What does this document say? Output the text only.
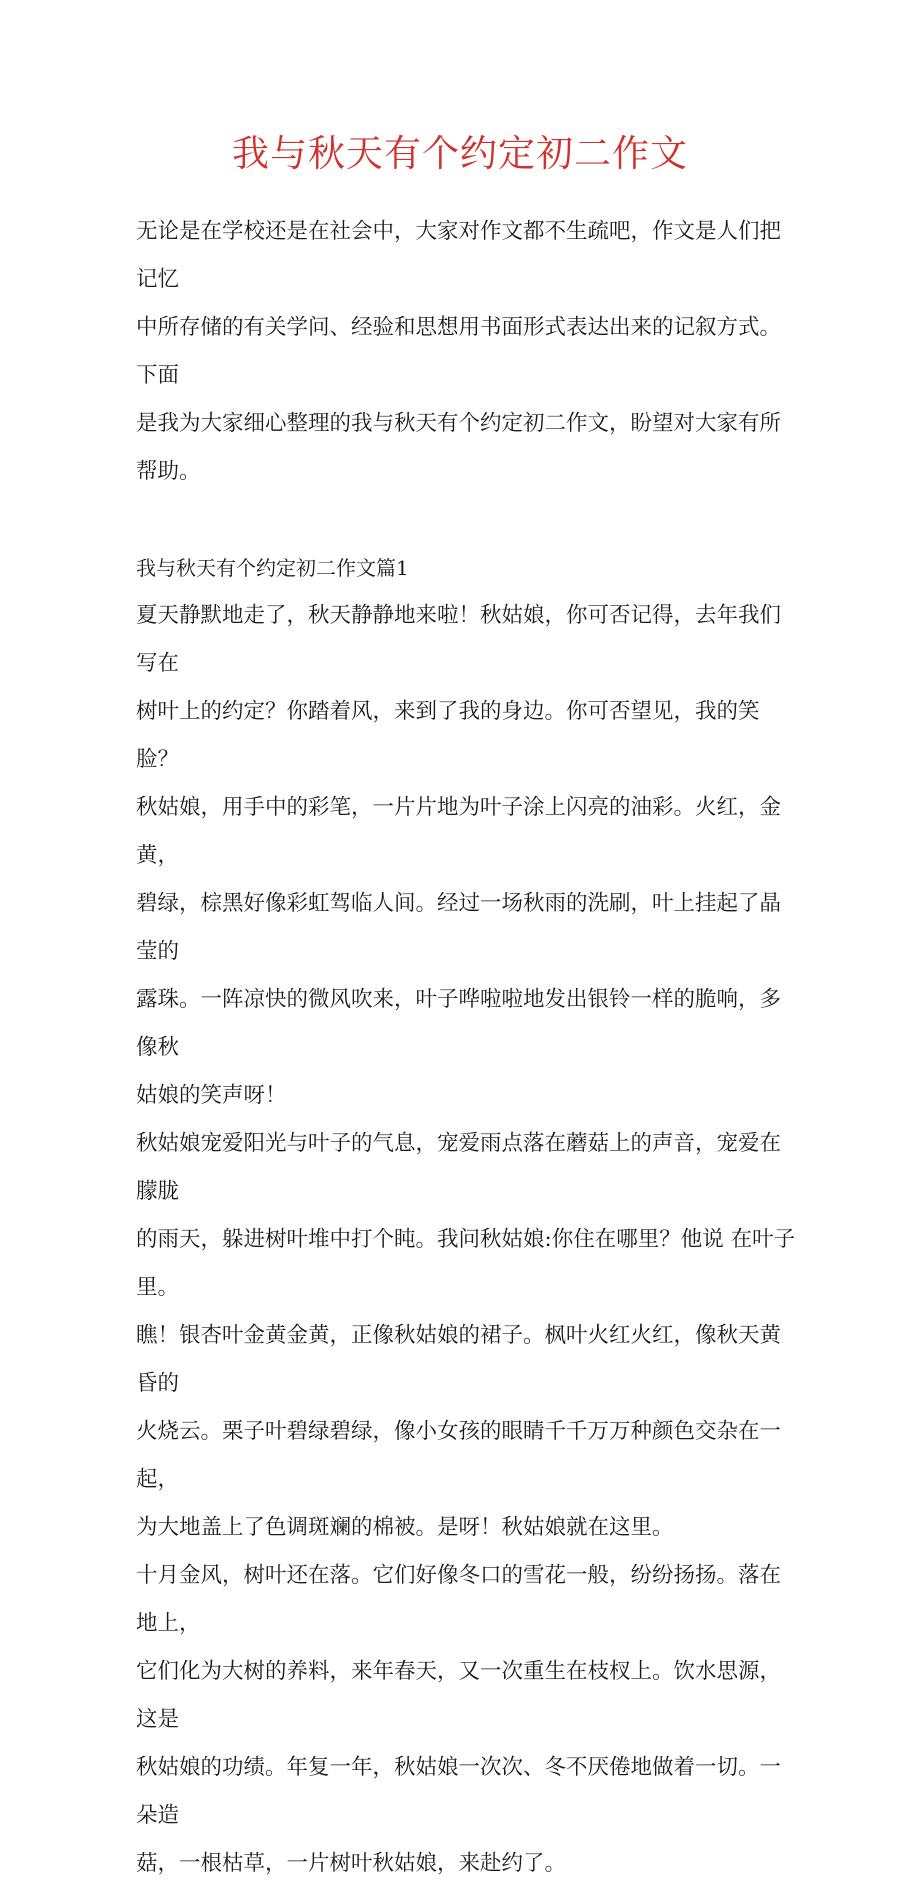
我与秋天有个约定初二作文

无论是在学校还是在社会中，大家对作文都不生疏吧，作文是人们把记忆
中所存储的有关学问、经验和思想用书面形式表达出来的记叙方式。下面
是我为大家细心整理的我与秋天有个约定初二作文，盼望对大家有所帮助。

我与秋天有个约定初二作文篇1

夏天静默地走了，秋天静静地来啦！秋姑娘，你可否记得，去年我们写在
树叶上的约定？你踏着风，来到了我的身边。你可否望见，我的笑脸？

秋姑娘，用手中的彩笔，一片片地为叶子涂上闪亮的油彩。火红，金黄，
碧绿，棕黑好像彩虹驾临人间。经过一场秋雨的洗刷，叶上挂起了晶莹的
露珠。一阵凉快的微风吹来，叶子哗啦啦地发出银铃一样的脆响，多像秋
姑娘的笑声呀！

秋姑娘宠爱阳光与叶子的气息，宠爱雨点落在蘑菇上的声音，宠爱在朦胧
的雨天，躲进树叶堆中打个盹。我问秋姑娘:你住在哪里？他说 在叶子里。
瞧！银杏叶金黄金黄，正像秋姑娘的裙子。枫叶火红火红，像秋天黄昏的
火烧云。栗子叶碧绿碧绿，像小女孩的眼睛千千万万种颜色交杂在一起，
为大地盖上了色调斑斓的棉被。是呀！秋姑娘就在这里。

十月金风，树叶还在落。它们好像冬口的雪花一般，纷纷扬扬。落在地上，
它们化为大树的养料，来年春天，又一次重生在枝杈上。饮水思源，这是
秋姑娘的功绩。年复一年，秋姑娘一次次、冬不厌倦地做着一切。一朵造
菇，一根枯草，一片树叶秋姑娘，来赴约了。
